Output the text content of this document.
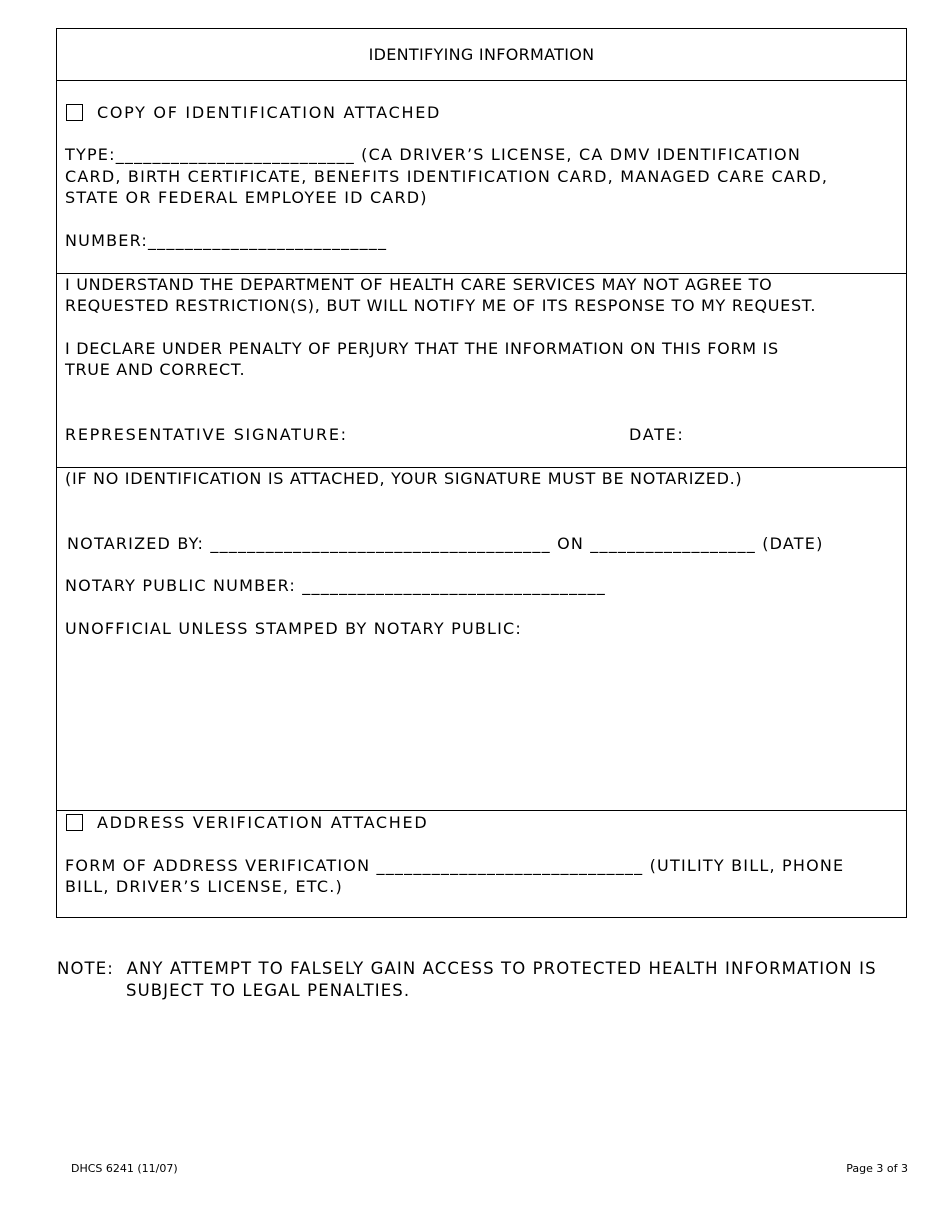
IDENTIFYING INFORMATION
COPY OF IDENTIFICATION ATTACHED
TYPE:__________________________ (CA DRIVER’S LICENSE, CA DMV IDENTIFICATION
CARD, BIRTH CERTIFICATE, BENEFITS IDENTIFICATION CARD, MANAGED CARE CARD,
STATE OR FEDERAL EMPLOYEE ID CARD)
NUMBER:__________________________
I UNDERSTAND THE DEPARTMENT OF HEALTH CARE SERVICES MAY NOT AGREE TO
REQUESTED RESTRICTION(S), BUT WILL NOTIFY ME OF ITS RESPONSE TO MY REQUEST.
I DECLARE UNDER PENALTY OF PERJURY THAT THE INFORMATION ON THIS FORM IS
TRUE AND CORRECT.
REPRESENTATIVE SIGNATURE:	DATE:
(IF NO IDENTIFICATION IS ATTACHED, YOUR SIGNATURE MUST BE NOTARIZED.)
NOTARIZED BY: _____________________________________ ON __________________ (DATE)
NOTARY PUBLIC NUMBER: _________________________________
UNOFFICIAL UNLESS STAMPED BY NOTARY PUBLIC:
ADDRESS VERIFICATION ATTACHED
FORM OF ADDRESS VERIFICATION _____________________________ (UTILITY BILL, PHONE
BILL, DRIVER’S LICENSE, ETC.)
NOTE:  ANY ATTEMPT TO FALSELY GAIN ACCESS TO PROTECTED HEALTH INFORMATION IS
SUBJECT TO LEGAL PENALTIES.
DHCS 6241 (11/07)	Page 3 of 3
